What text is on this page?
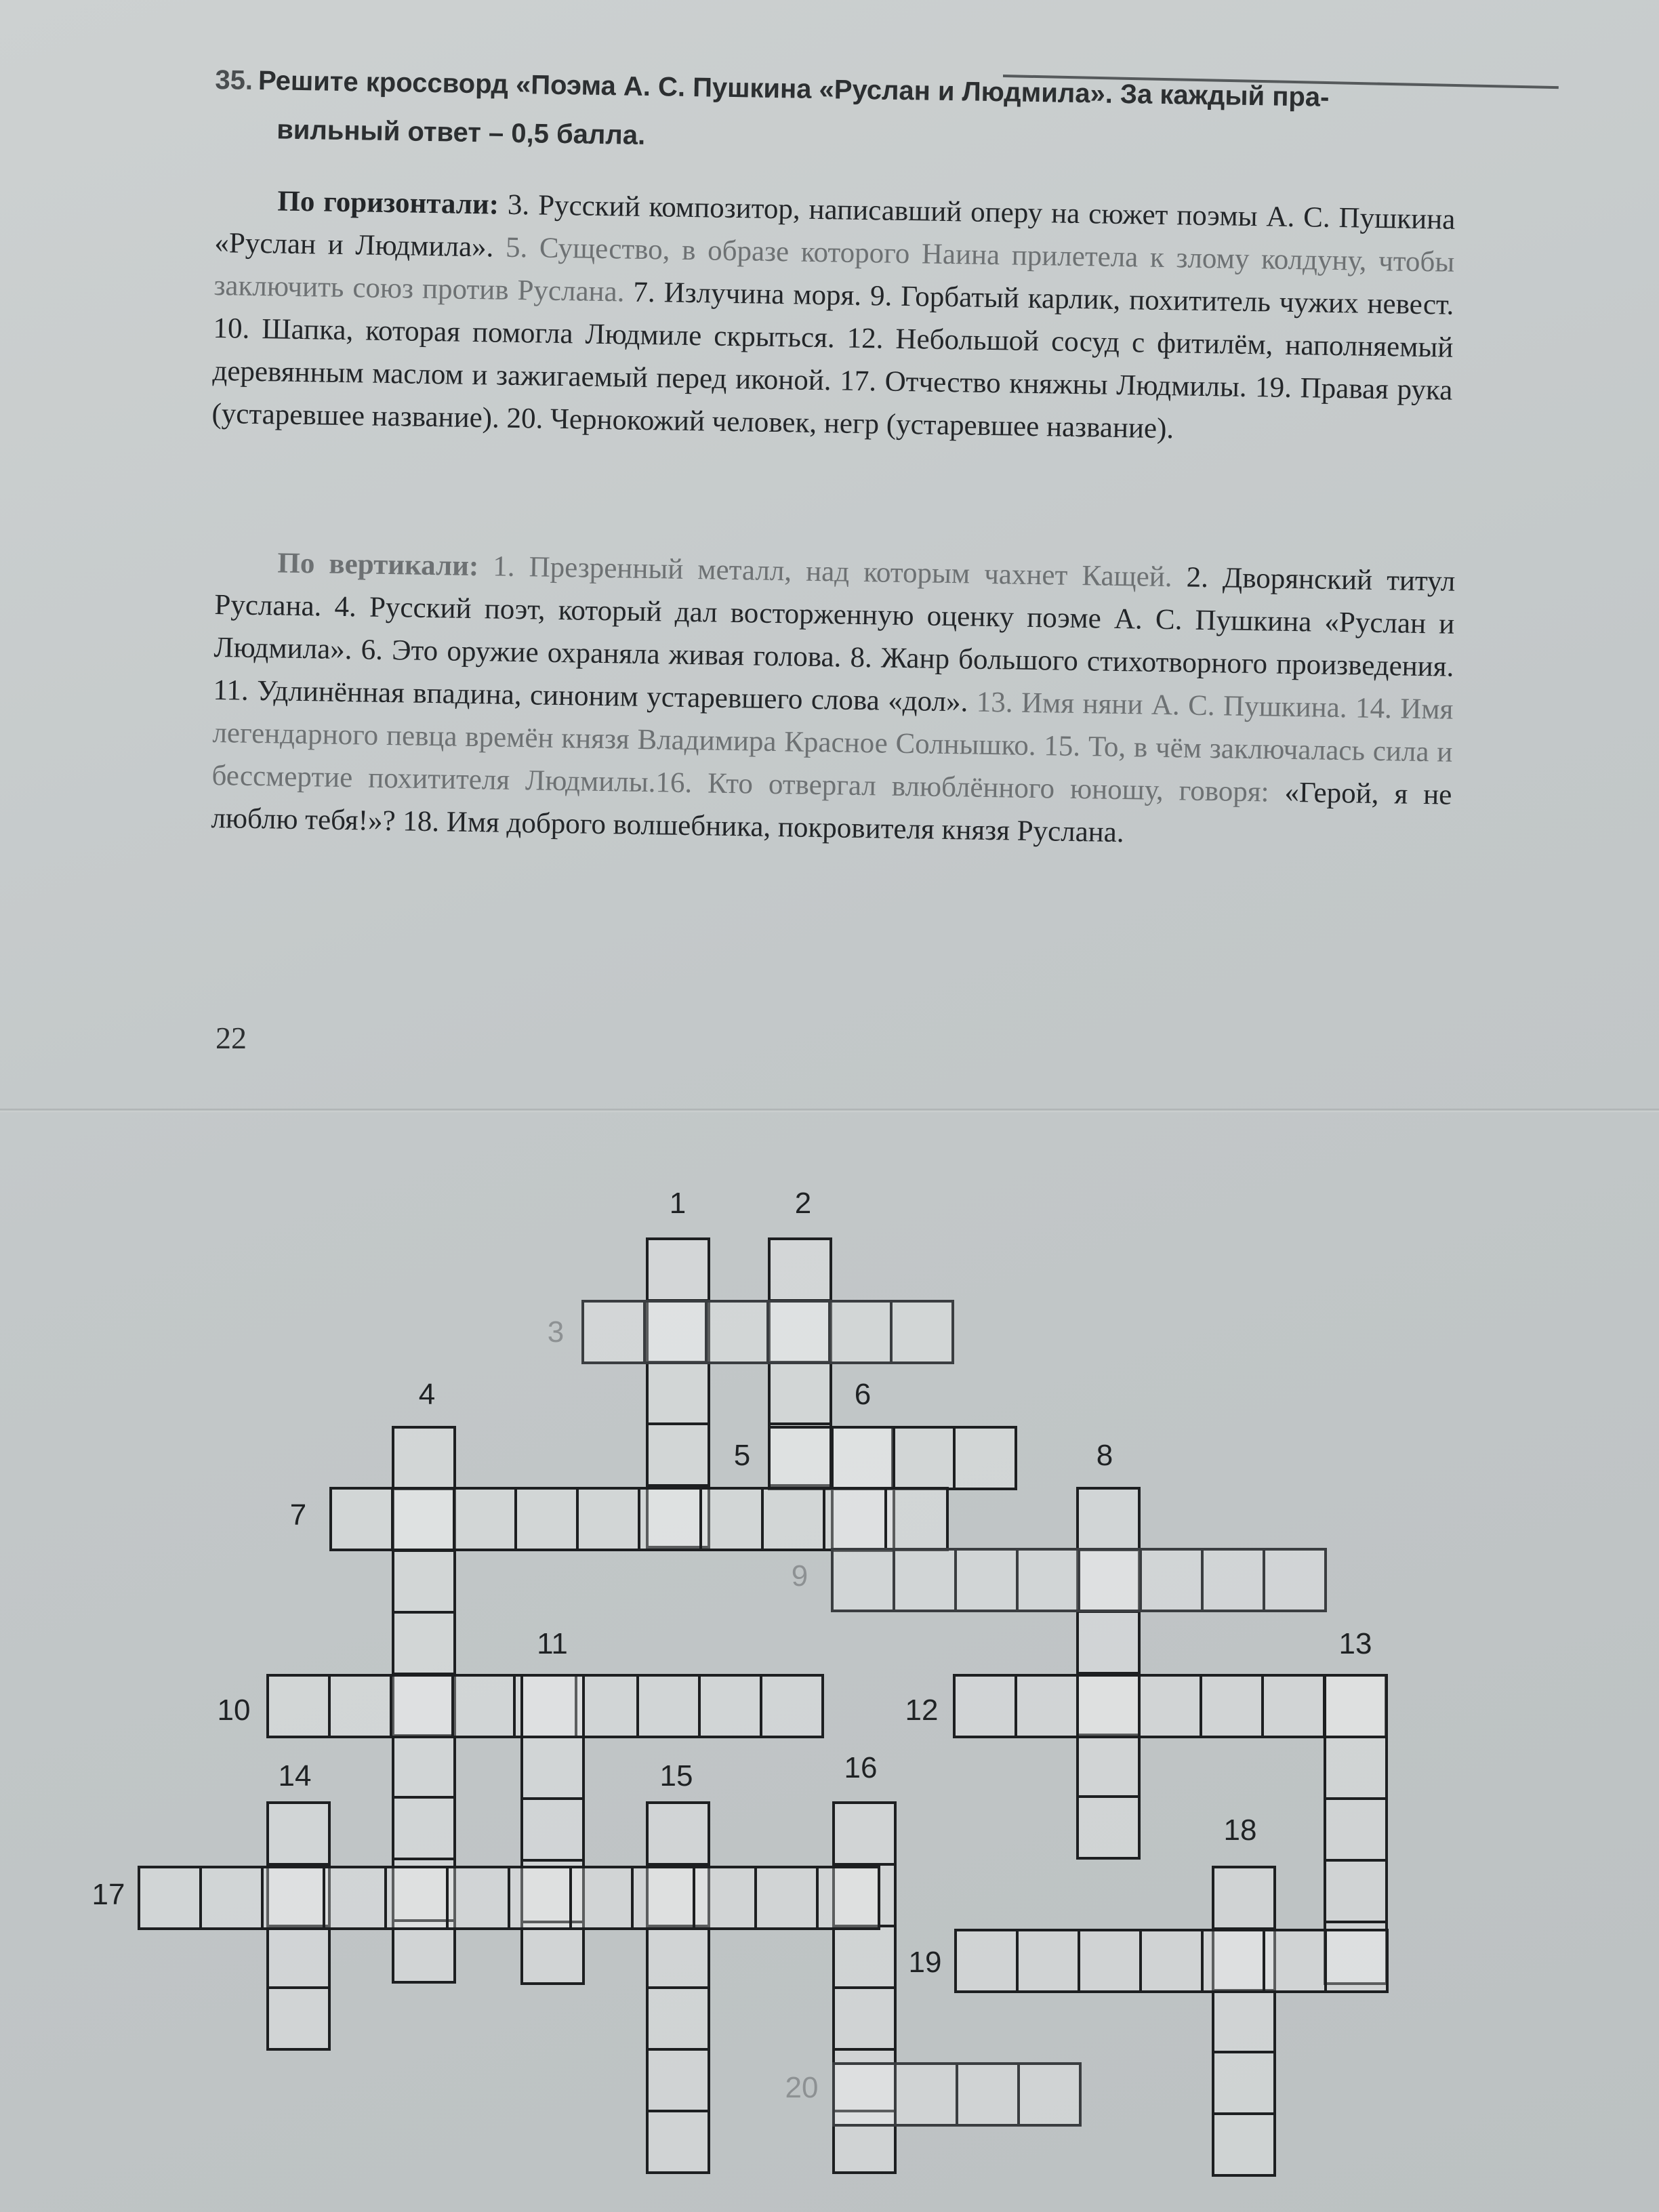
35. Решите кроссворд «Поэма А. С. Пушкина «Руслан и Людмила». За каждый пра-
вильный ответ – 0,5 балла.
По горизонтали: 3. Русский композитор, написавший оперу на сюжет поэмы А. С. Пушкина «Руслан и Людмила». 5. Существо, в образе которого Наина прилетела к злому колдуну, чтобы заключить союз против Руслана. 7. Излучина моря. 9. Горбатый карлик, похититель чужих невест. 10. Шапка, которая помогла Людмиле скрыться. 12. Небольшой сосуд с фитилём, наполняемый деревянным маслом и зажигаемый перед иконой. 17. Отчество княжны Людмилы. 19. Правая рука (устаревшее название). 20. Чернокожий человек, негр (устаревшее название).
По вертикали: 1. Презренный металл, над которым чахнет Кащей. 2. Дворянский титул Руслана. 4. Русский поэт, который дал восторженную оценку поэме А. С. Пушкина «Руслан и Людмила». 6. Это оружие охраняла живая голова. 8. Жанр большого стихотворного произведения. 11. Удлинённая впадина, синоним устаревшего слова «дол». 13. Имя няни А. С. Пушкина. 14. Имя легендарного певца времён князя Владимира Красное Солнышко. 15. То, в чём заключалась сила и бессмертие похитителя Людмилы.16. Кто отвергал влюблённого юношу, говоря: «Герой, я не люблю тебя!»? 18. Имя доброго волшебника, покровителя князя Руслана.
22
1	2
3
4
5
6
7
8
9
10
11
12
13
14	15	16
17
18
19
20
